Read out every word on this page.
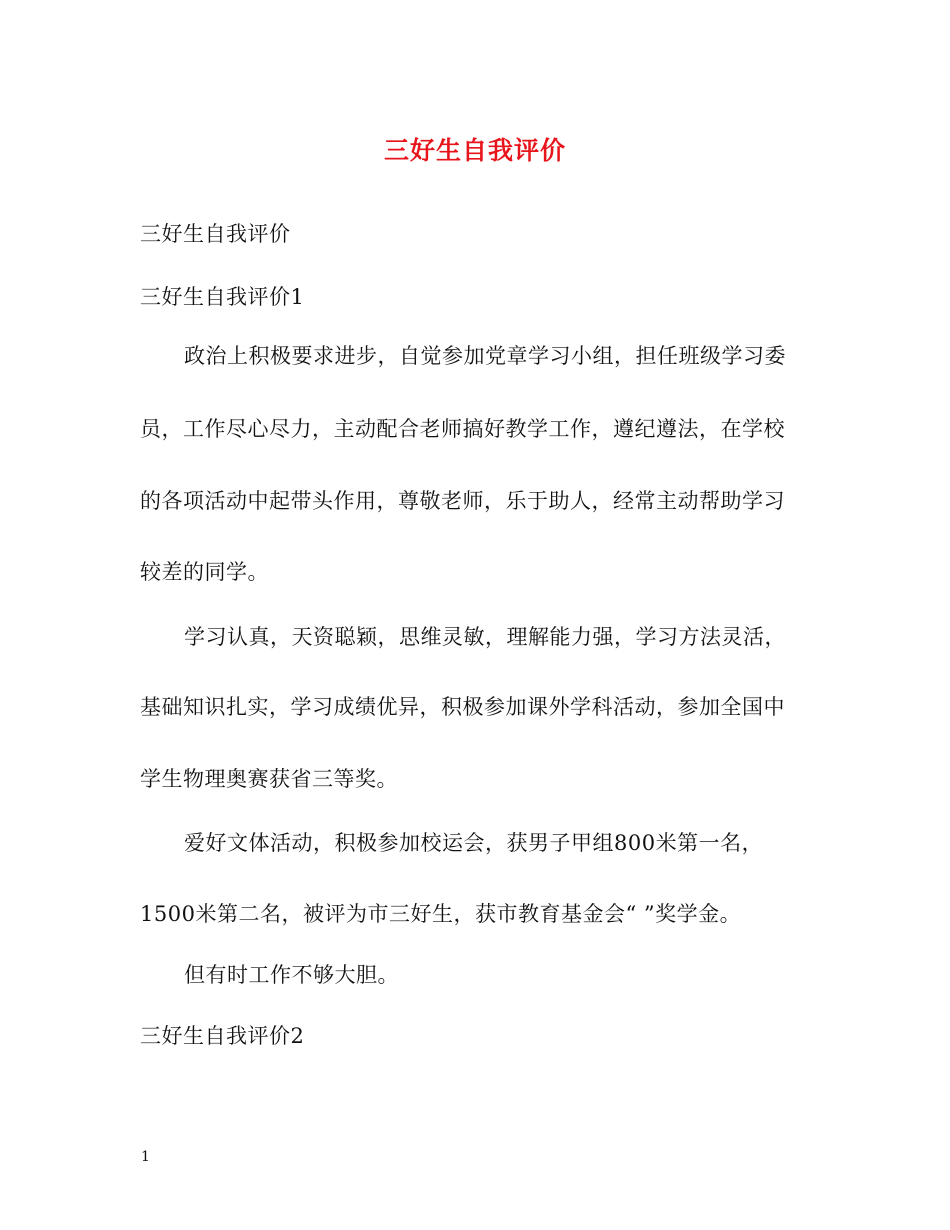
三好生自我评价
三好生自我评价
三好生自我评价1
政治上积极要求进步，自觉参加党章学习小组，担任班级学习委
员，工作尽心尽力，主动配合老师搞好教学工作，遵纪遵法，在学校
的各项活动中起带头作用，尊敬老师，乐于助人，经常主动帮助学习
较差的同学。
学习认真，天资聪颖，思维灵敏，理解能力强，学习方法灵活，
基础知识扎实，学习成绩优异，积极参加课外学科活动，参加全国中
学生物理奥赛获省三等奖。
爱好文体活动，积极参加校运会，获男子甲组800米第一名，
1500米第二名，被评为市三好生，获市教育基金会“ ”奖学金。
但有时工作不够大胆。
三好生自我评价2
1
